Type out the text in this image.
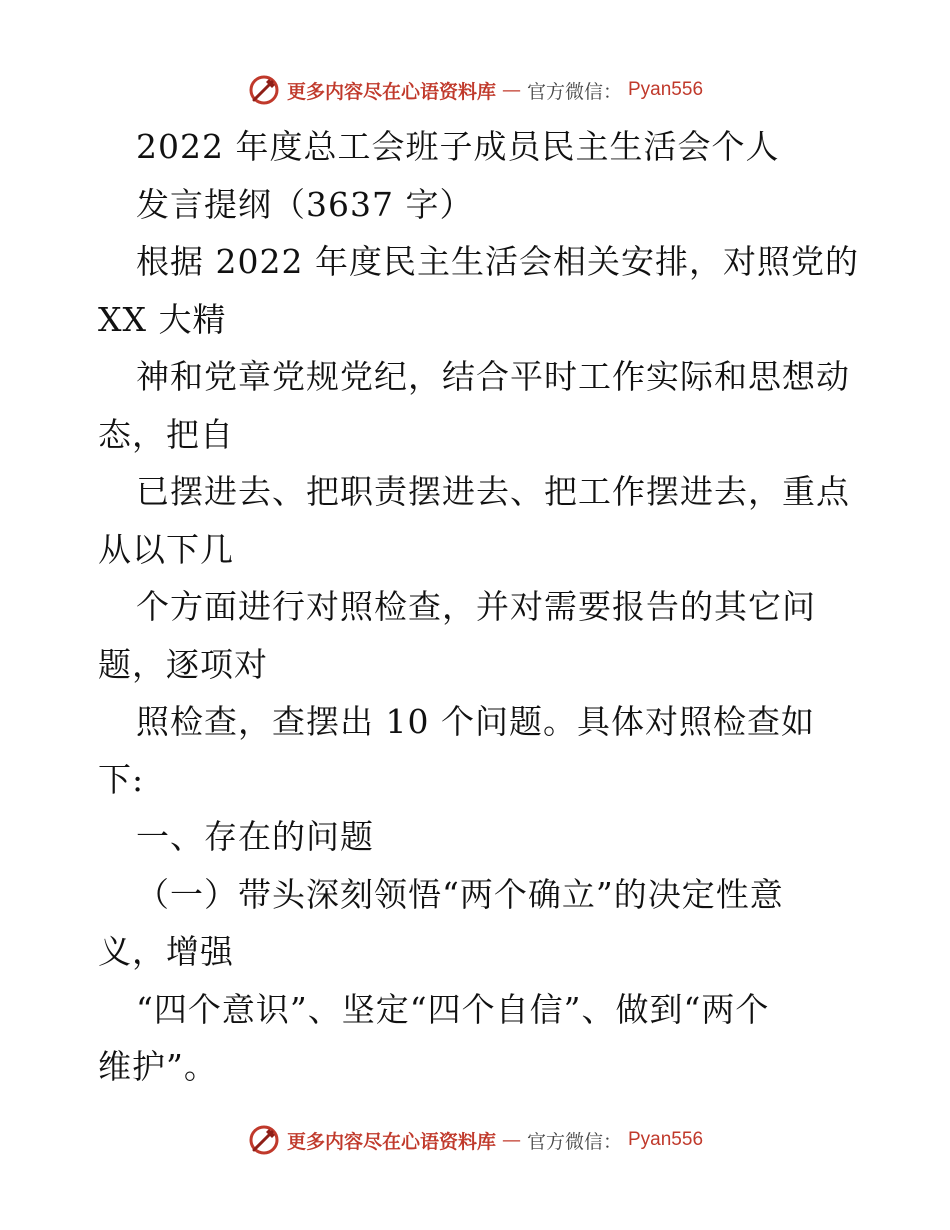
更多内容尽在心语资料库 — 官方微信： Pyan556
2022 年度总工会班子成员民主生活会个人
发言提纲（3637 字）
根据 2022 年度民主生活会相关安排，对照党的
XX 大精
神和党章党规党纪，结合平时工作实际和思想动
态，把自
已摆进去、把职责摆进去、把工作摆进去，重点
从以下几
个方面进行对照检查，并对需要报告的其它问
题，逐项对
照检查，查摆出 10 个问题。具体对照检查如
下:
一、存在的问题
（一）带头深刻领悟“两个确立”的决定性意
义，增强
“四个意识”、坚定“四个自信”、做到“两个
维护”。
更多内容尽在心语资料库 — 官方微信： Pyan556
